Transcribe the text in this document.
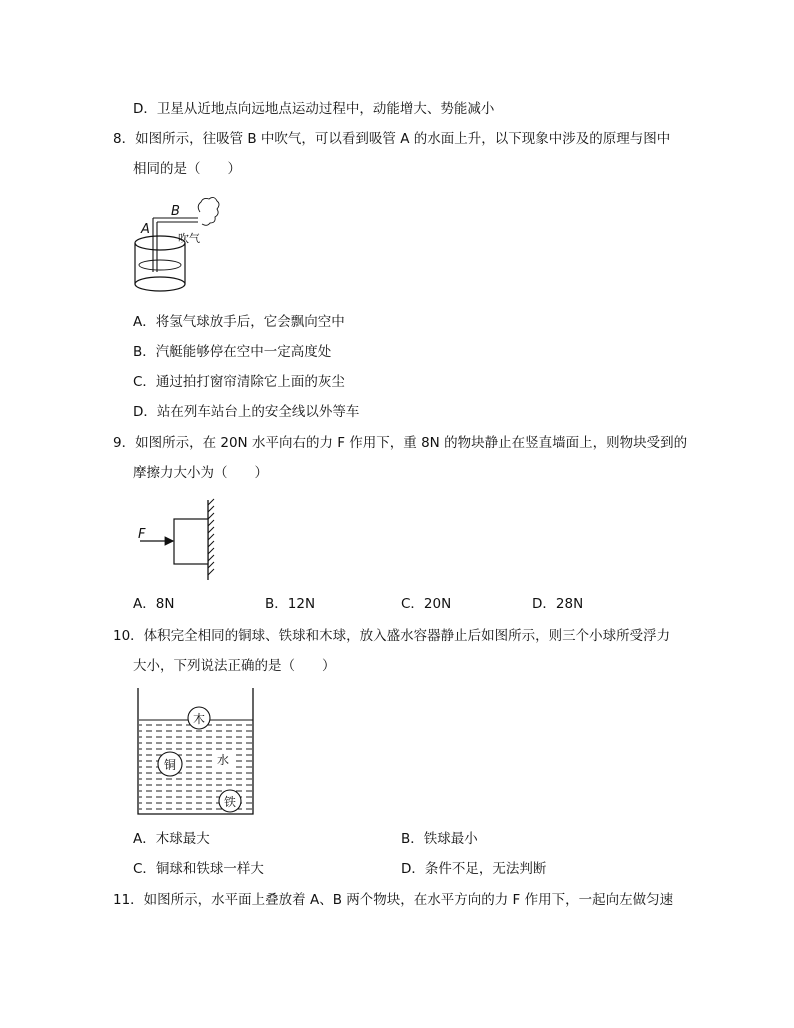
D．卫星从近地点向远地点运动过程中，动能增大、势能减小
8．如图所示，往吸管 B 中吹气，可以看到吸管 A 的水面上升，以下现象中涉及的原理与图中
相同的是（　　）
A
B
吹气
A．将氢气球放手后，它会飘向空中
B．汽艇能够停在空中一定高度处
C．通过拍打窗帘清除它上面的灰尘
D．站在列车站台上的安全线以外等车
9．如图所示，在 20N 水平向右的力 F 作用下，重 8N 的物块静止在竖直墙面上，则物块受到的
摩擦力大小为（　　）
F
A．8N	B．12N	C．20N	D．28N
10．体积完全相同的铜球、铁球和木球，放入盛水容器静止后如图所示，则三个小球所受浮力
大小，下列说法正确的是（　　）
木
铜	水
铁
A．木球最大	B．铁球最小
C．铜球和铁球一样大	D．条件不足，无法判断
11．如图所示，水平面上叠放着 A、B 两个物块，在水平方向的力 F 作用下，一起向左做匀速
